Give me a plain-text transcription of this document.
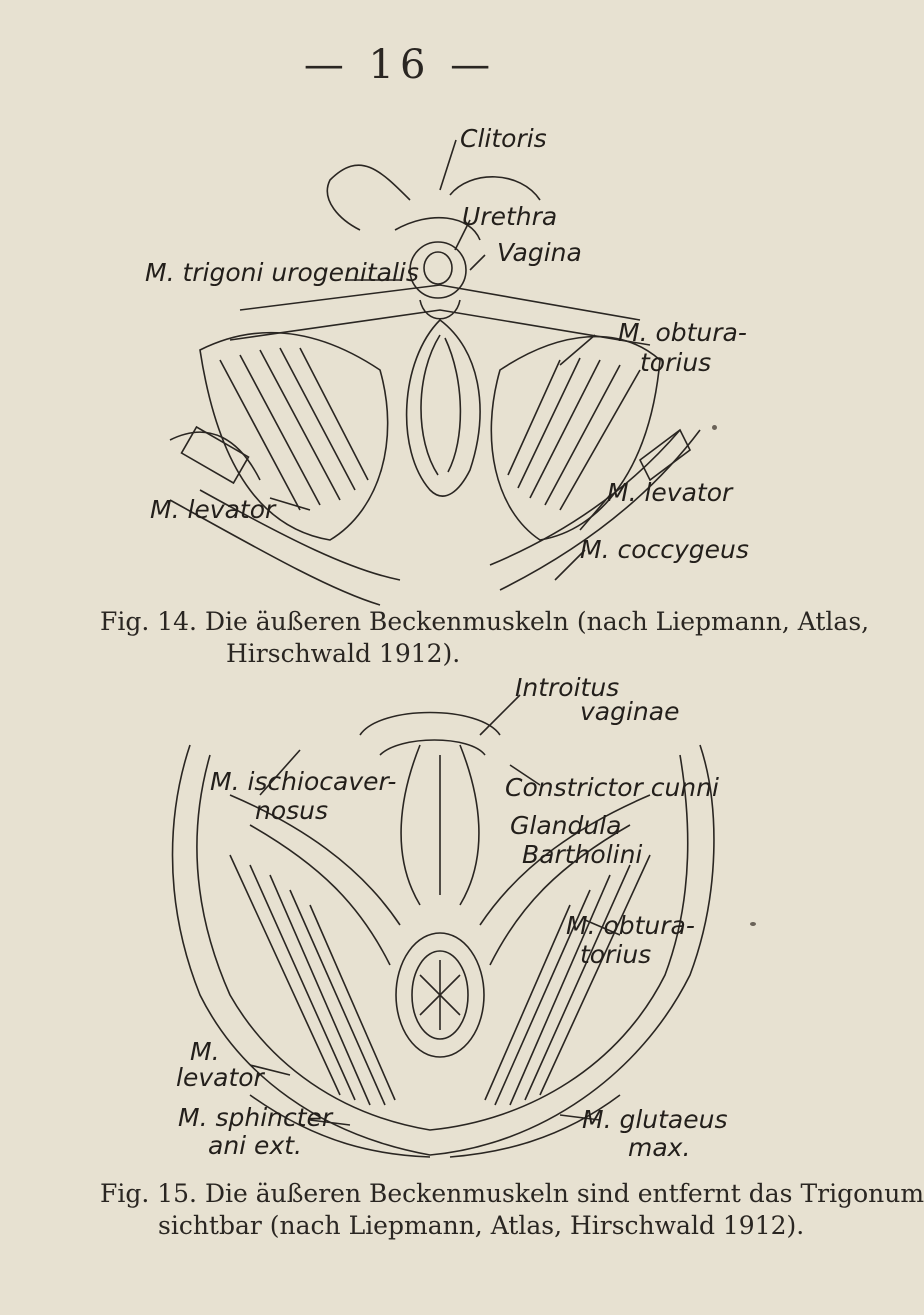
— 16 —
Clitoris
Urethra
Vagina
M. trigoni urogenitalis
M. obtura-
torius
M. levator
M. levator
M. coccygeus
Fig. 14. Die äußeren Beckenmuskeln (nach Liepmann, Atlas,
Hirschwald 1912).
Introitus
vaginae
M. ischiocaver-
nosus
Constrictor cunni
Glandula
Bartholini
M. obtura-
torius
M.
levator
M. sphincter
ani ext.
M. glutaeus
max.
Fig. 15. Die äußeren Beckenmuskeln sind entfernt das Trigonum
sichtbar (nach Liepmann, Atlas, Hirschwald 1912).
